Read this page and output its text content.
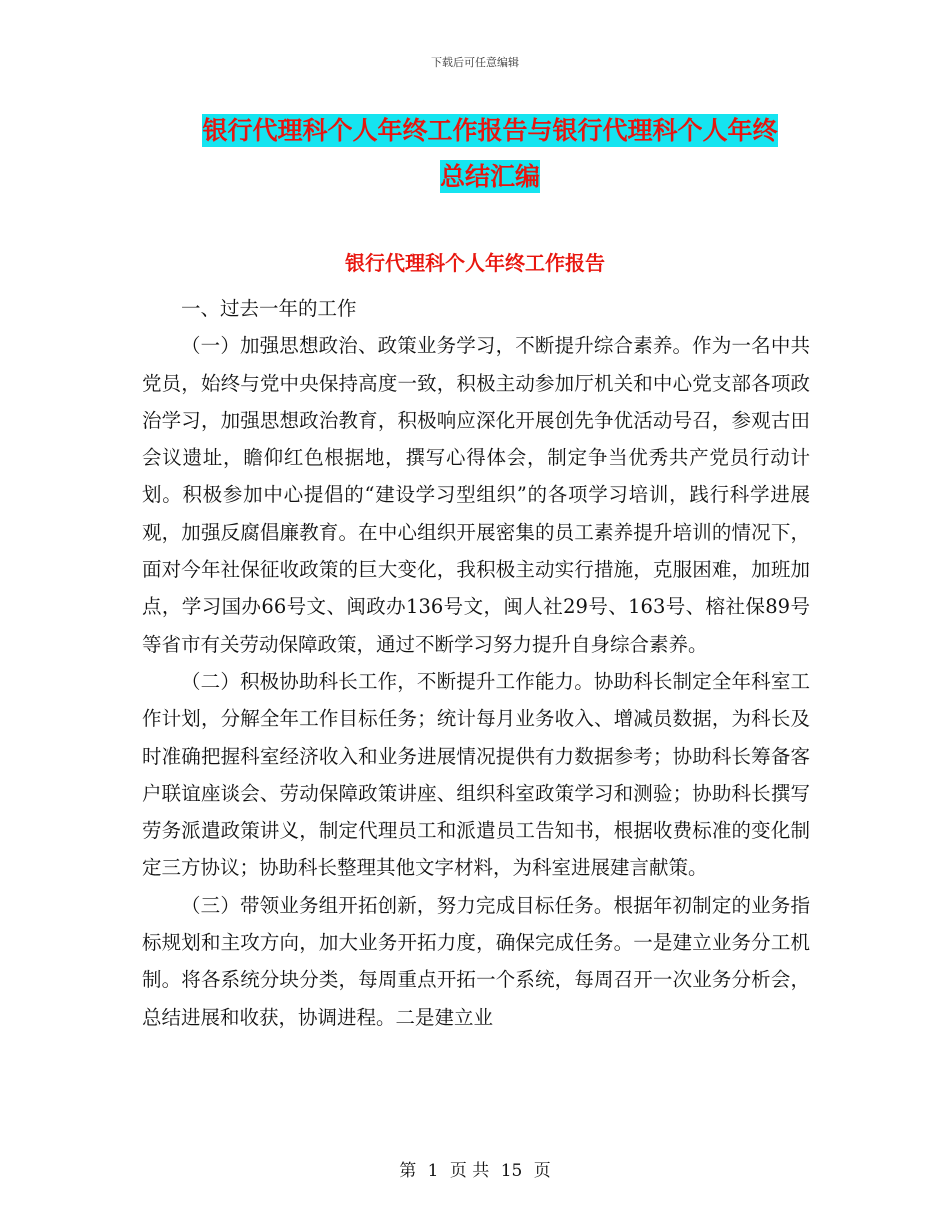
下载后可任意编辑
银行代理科个人年终工作报告与银行代理科个人年终
总结汇编
银行代理科个人年终工作报告

一、过去一年的工作

（一）加强思想政治、政策业务学习，不断提升综合素养。作为一名中共党员，始终与党中央保持高度一致，积极主动参加厅机关和中心党支部各项政治学习，加强思想政治教育，积极响应深化开展创先争优活动号召，参观古田会议遗址，瞻仰红色根据地，撰写心得体会，制定争当优秀共产党员行动计划。积极参加中心提倡的“建设学习型组织”的各项学习培训，践行科学进展观，加强反腐倡廉教育。在中心组织开展密集的员工素养提升培训的情况下，面对今年社保征收政策的巨大变化，我积极主动实行措施，克服困难，加班加点，学习国办66号文、闽政办136号文，闽人社29号、163号、榕社保89号等省市有关劳动保障政策，通过不断学习努力提升自身综合素养。

（二）积极协助科长工作，不断提升工作能力。协助科长制定全年科室工作计划，分解全年工作目标任务；统计每月业务收入、增减员数据，为科长及时准确把握科室经济收入和业务进展情况提供有力数据参考；协助科长筹备客户联谊座谈会、劳动保障政策讲座、组织科室政策学习和测验；协助科长撰写劳务派遣政策讲义，制定代理员工和派遣员工告知书，根据收费标准的变化制定三方协议；协助科长整理其他文字材料，为科室进展建言献策。

（三）带领业务组开拓创新，努力完成目标任务。根据年初制定的业务指标规划和主攻方向，加大业务开拓力度，确保完成任务。一是建立业务分工机制。将各系统分块分类，每周重点开拓一个系统，每周召开一次业务分析会，总结进展和收获，协调进程。二是建立业

第 1 页 共 15 页
